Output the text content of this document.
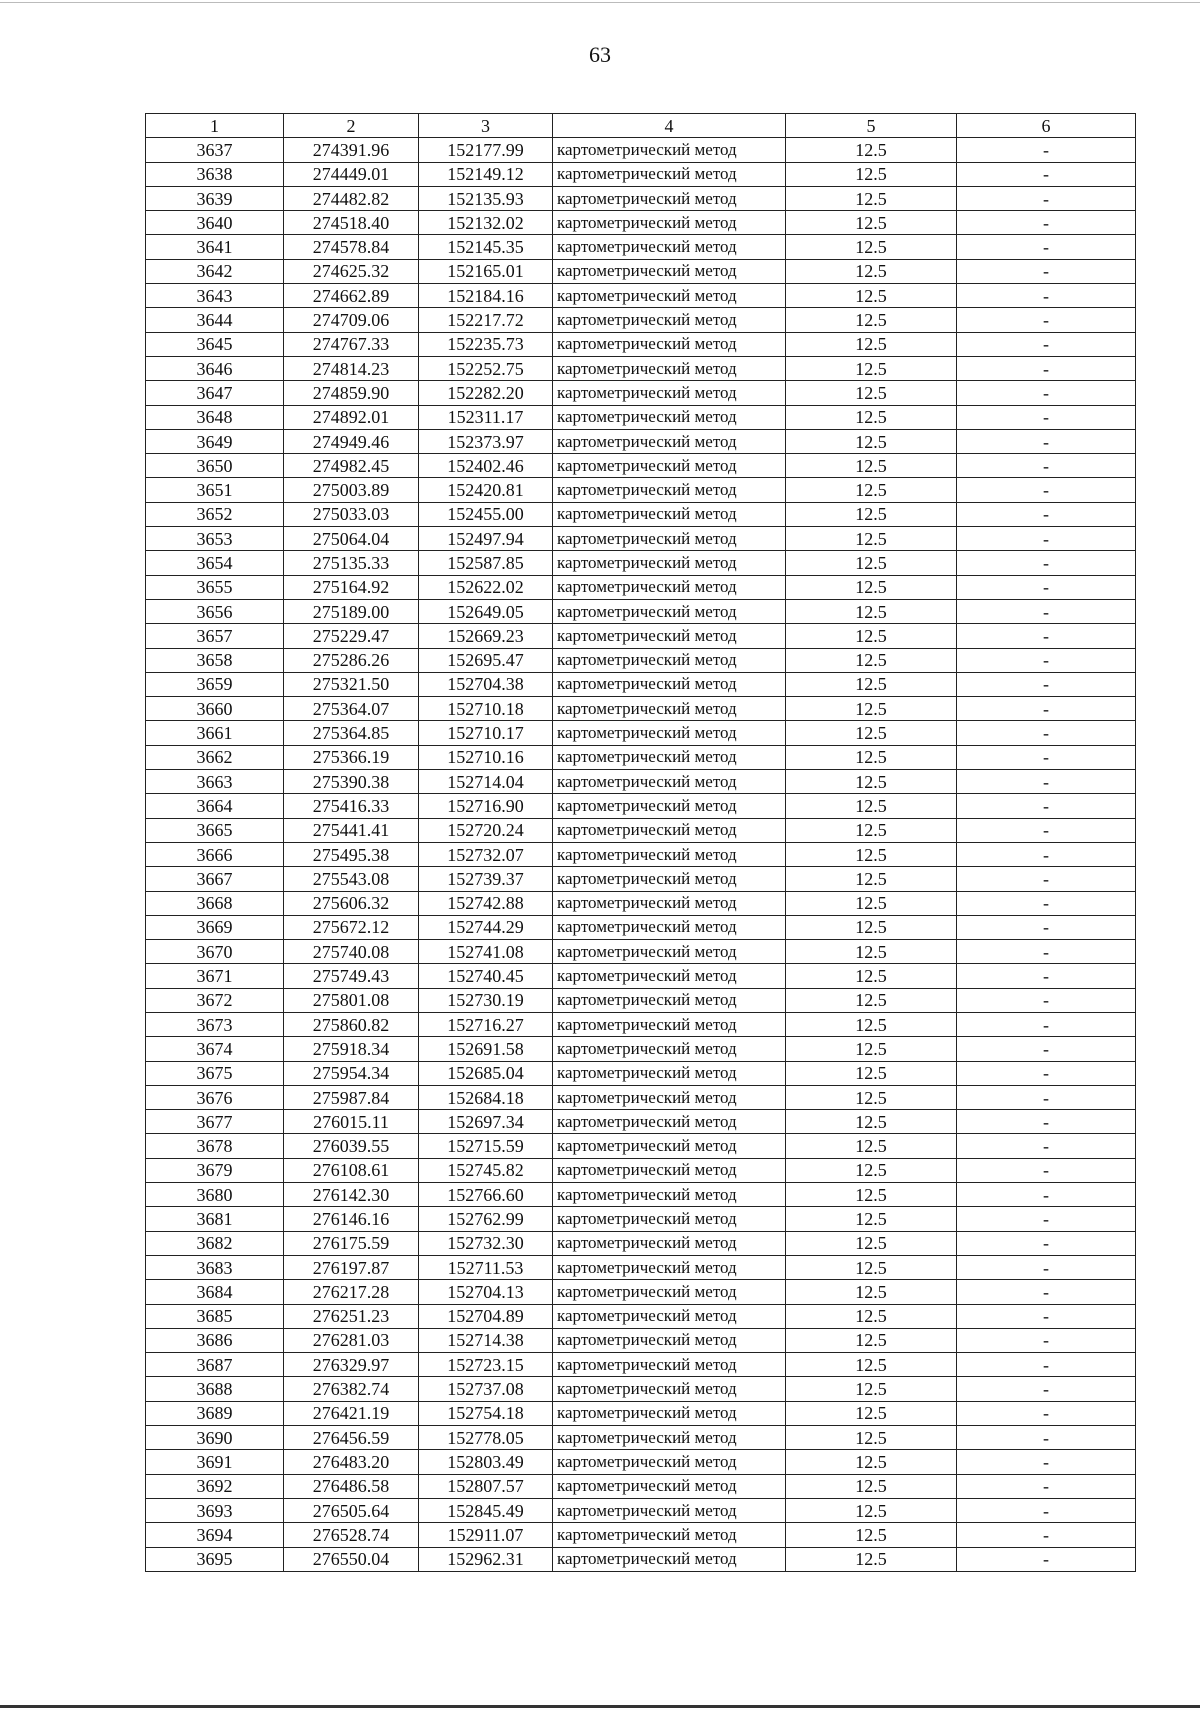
63
1	2	3	4	5	6
3637	274391.96	152177.99	картометрический метод	12.5	-
3638	274449.01	152149.12	картометрический метод	12.5	-
3639	274482.82	152135.93	картометрический метод	12.5	-
3640	274518.40	152132.02	картометрический метод	12.5	-
3641	274578.84	152145.35	картометрический метод	12.5	-
3642	274625.32	152165.01	картометрический метод	12.5	-
3643	274662.89	152184.16	картометрический метод	12.5	-
3644	274709.06	152217.72	картометрический метод	12.5	-
3645	274767.33	152235.73	картометрический метод	12.5	-
3646	274814.23	152252.75	картометрический метод	12.5	-
3647	274859.90	152282.20	картометрический метод	12.5	-
3648	274892.01	152311.17	картометрический метод	12.5	-
3649	274949.46	152373.97	картометрический метод	12.5	-
3650	274982.45	152402.46	картометрический метод	12.5	-
3651	275003.89	152420.81	картометрический метод	12.5	-
3652	275033.03	152455.00	картометрический метод	12.5	-
3653	275064.04	152497.94	картометрический метод	12.5	-
3654	275135.33	152587.85	картометрический метод	12.5	-
3655	275164.92	152622.02	картометрический метод	12.5	-
3656	275189.00	152649.05	картометрический метод	12.5	-
3657	275229.47	152669.23	картометрический метод	12.5	-
3658	275286.26	152695.47	картометрический метод	12.5	-
3659	275321.50	152704.38	картометрический метод	12.5	-
3660	275364.07	152710.18	картометрический метод	12.5	-
3661	275364.85	152710.17	картометрический метод	12.5	-
3662	275366.19	152710.16	картометрический метод	12.5	-
3663	275390.38	152714.04	картометрический метод	12.5	-
3664	275416.33	152716.90	картометрический метод	12.5	-
3665	275441.41	152720.24	картометрический метод	12.5	-
3666	275495.38	152732.07	картометрический метод	12.5	-
3667	275543.08	152739.37	картометрический метод	12.5	-
3668	275606.32	152742.88	картометрический метод	12.5	-
3669	275672.12	152744.29	картометрический метод	12.5	-
3670	275740.08	152741.08	картометрический метод	12.5	-
3671	275749.43	152740.45	картометрический метод	12.5	-
3672	275801.08	152730.19	картометрический метод	12.5	-
3673	275860.82	152716.27	картометрический метод	12.5	-
3674	275918.34	152691.58	картометрический метод	12.5	-
3675	275954.34	152685.04	картометрический метод	12.5	-
3676	275987.84	152684.18	картометрический метод	12.5	-
3677	276015.11	152697.34	картометрический метод	12.5	-
3678	276039.55	152715.59	картометрический метод	12.5	-
3679	276108.61	152745.82	картометрический метод	12.5	-
3680	276142.30	152766.60	картометрический метод	12.5	-
3681	276146.16	152762.99	картометрический метод	12.5	-
3682	276175.59	152732.30	картометрический метод	12.5	-
3683	276197.87	152711.53	картометрический метод	12.5	-
3684	276217.28	152704.13	картометрический метод	12.5	-
3685	276251.23	152704.89	картометрический метод	12.5	-
3686	276281.03	152714.38	картометрический метод	12.5	-
3687	276329.97	152723.15	картометрический метод	12.5	-
3688	276382.74	152737.08	картометрический метод	12.5	-
3689	276421.19	152754.18	картометрический метод	12.5	-
3690	276456.59	152778.05	картометрический метод	12.5	-
3691	276483.20	152803.49	картометрический метод	12.5	-
3692	276486.58	152807.57	картометрический метод	12.5	-
3693	276505.64	152845.49	картометрический метод	12.5	-
3694	276528.74	152911.07	картометрический метод	12.5	-
3695	276550.04	152962.31	картометрический метод	12.5	-
